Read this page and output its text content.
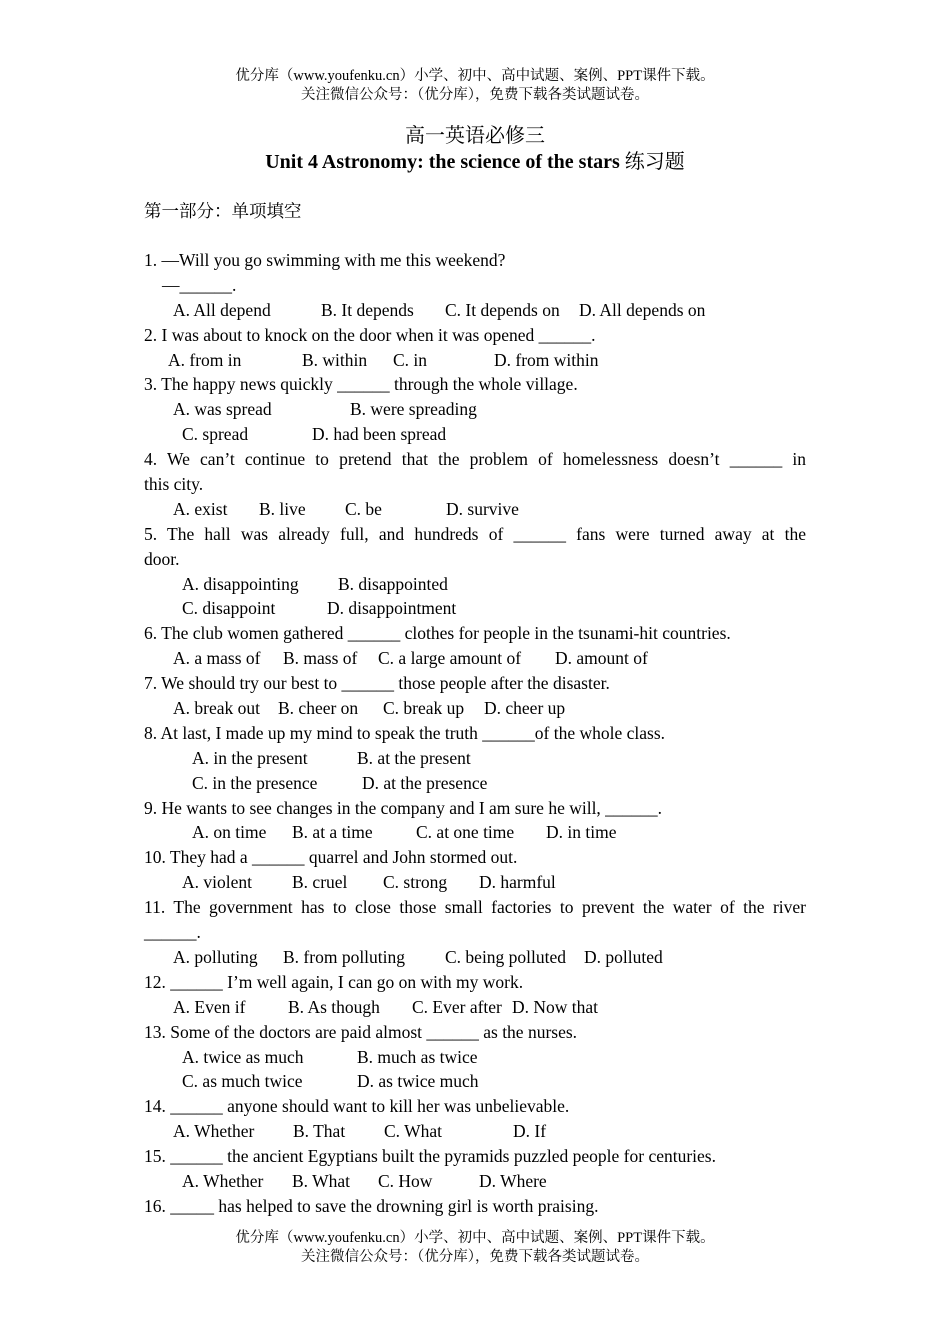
优分库（www.youfenku.cn）小学、初中、高中试题、案例、PPT课件下载。
关注微信公众号：（优分库），免费下载各类试题试卷。
高一英语必修三
Unit 4 Astronomy: the science of the stars 练习题
第一部分：单项填空
1. —Will you go swimming with me this weekend?
—______.
A. All depend	B. It depends C. It depends on D. All depends on
2. I was about to knock on the door when it was opened ______.
A. from in	B. within C. in	D. from within
3. The happy news quickly ______ through the whole village.
A. was spread	B. were spreading
C. spread	D. had been spread
4. We can’t continue to pretend that the problem of homelessness doesn’t ______ in
this city.
A. exist B. live C. be	D. survive
5. The hall was already full, and hundreds of ______ fans were turned away at the
door.
A. disappointing B. disappointed
C. disappoint	D. disappointment
6. The club women gathered ______ clothes for people in the tsunami-hit countries.
A. a mass of B. mass of C. a large amount of D. amount of
7. We should try our best to ______ those people after the disaster.
A. break out B. cheer on C. break up D. cheer up
8. At last, I made up my mind to speak the truth ______of the whole class.
A. in the present	B. at the present
C. in the presence	D. at the presence
9. He wants to see changes in the company and I am sure he will, ______.
A. on time B. at a time C. at one time D. in time
10. They had a ______ quarrel and John stormed out.
A. violent B. cruel C. strong D. harmful
11. The government has to close those small factories to prevent the water of the river
______.
A. polluting B. from polluting C. being polluted D. polluted
12. ______ I’m well again, I can go on with my work.
A. Even if B. As though C. Ever after D. Now that
13. Some of the doctors are paid almost ______ as the nurses.
A. twice as much	B. much as twice
C. as much twice	D. as twice much
14. ______ anyone should want to kill her was unbelievable.
A. Whether B. That C. What	D. If
15. ______ the ancient Egyptians built the pyramids puzzled people for centuries.
A. Whether B. What C. How	D. Where
16. _____ has helped to save the drowning girl is worth praising.
优分库（www.youfenku.cn）小学、初中、高中试题、案例、PPT课件下载。
关注微信公众号：（优分库），免费下载各类试题试卷。
